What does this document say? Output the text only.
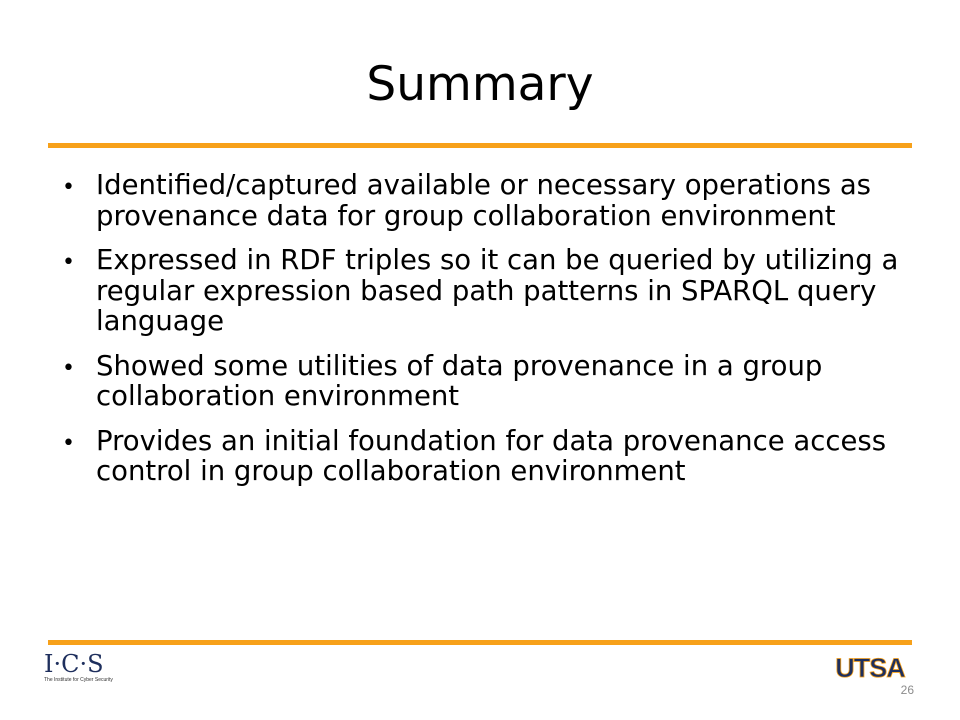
Summary
• Identified/captured available or necessary operations as provenance data for group collaboration environment
• Expressed in RDF triples so it can be queried by utilizing a regular expression based path patterns in SPARQL query language
• Showed some utilities of data provenance in a group collaboration environment
• Provides an initial foundation for data provenance access control in group collaboration environment
I·C·S
The Institute for Cyber Security	UTSA
26
